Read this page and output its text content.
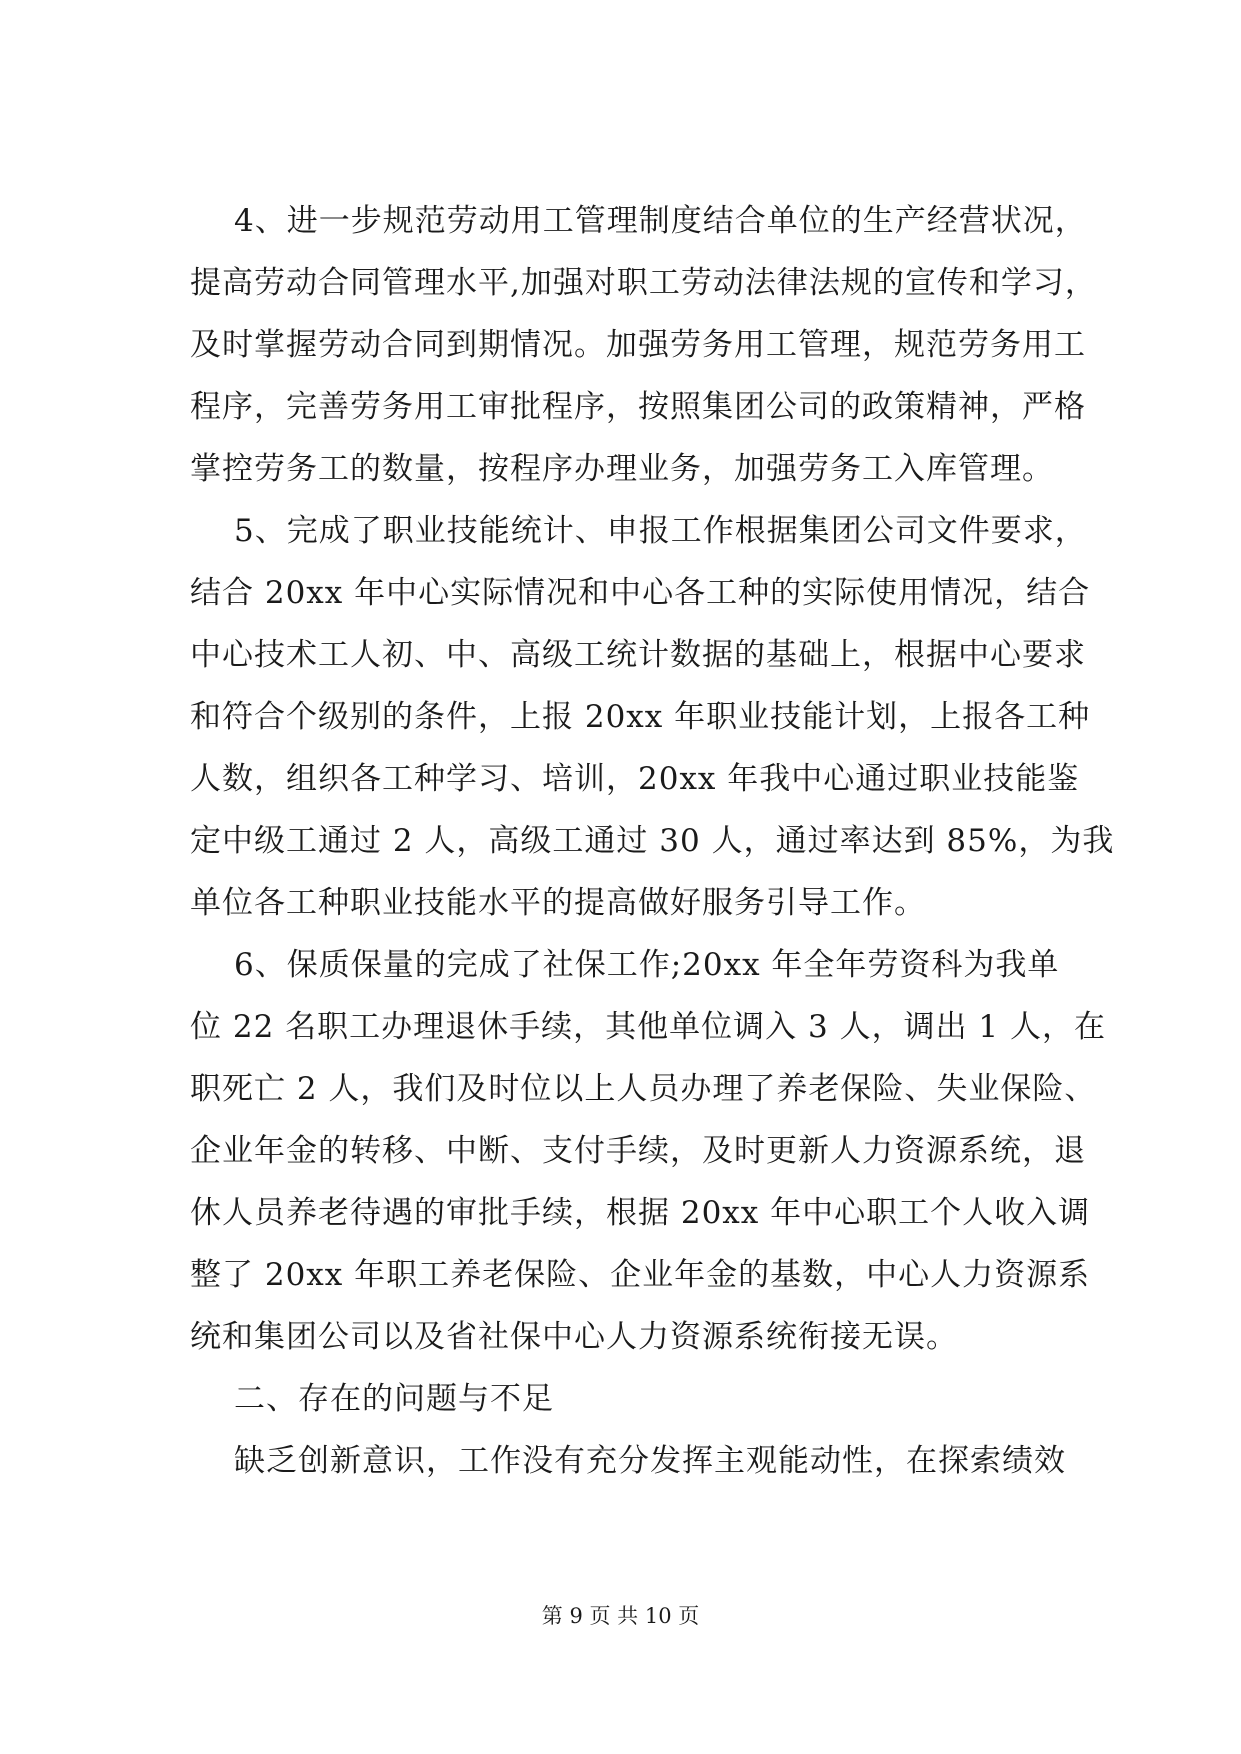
4、进一步规范劳动用工管理制度结合单位的生产经营状况，
提高劳动合同管理水平,加强对职工劳动法律法规的宣传和学习，
及时掌握劳动合同到期情况。加强劳务用工管理，规范劳务用工
程序，完善劳务用工审批程序，按照集团公司的政策精神，严格
掌控劳务工的数量，按程序办理业务，加强劳务工入库管理。
5、完成了职业技能统计、申报工作根据集团公司文件要求，
结合 20xx 年中心实际情况和中心各工种的实际使用情况，结合
中心技术工人初、中、高级工统计数据的基础上，根据中心要求
和符合个级别的条件，上报 20xx 年职业技能计划，上报各工种
人数，组织各工种学习、培训，20xx 年我中心通过职业技能鉴
定中级工通过 2 人，高级工通过 30 人，通过率达到 85%，为我
单位各工种职业技能水平的提高做好服务引导工作。
6、保质保量的完成了社保工作;20xx 年全年劳资科为我单
位 22 名职工办理退休手续，其他单位调入 3 人，调出 1 人，在
职死亡 2 人，我们及时位以上人员办理了养老保险、失业保险、
企业年金的转移、中断、支付手续，及时更新人力资源系统，退
休人员养老待遇的审批手续，根据 20xx 年中心职工个人收入调
整了 20xx 年职工养老保险、企业年金的基数，中心人力资源系
统和集团公司以及省社保中心人力资源系统衔接无误。
二、存在的问题与不足
缺乏创新意识，工作没有充分发挥主观能动性，在探索绩效
第 9 页 共 10 页
